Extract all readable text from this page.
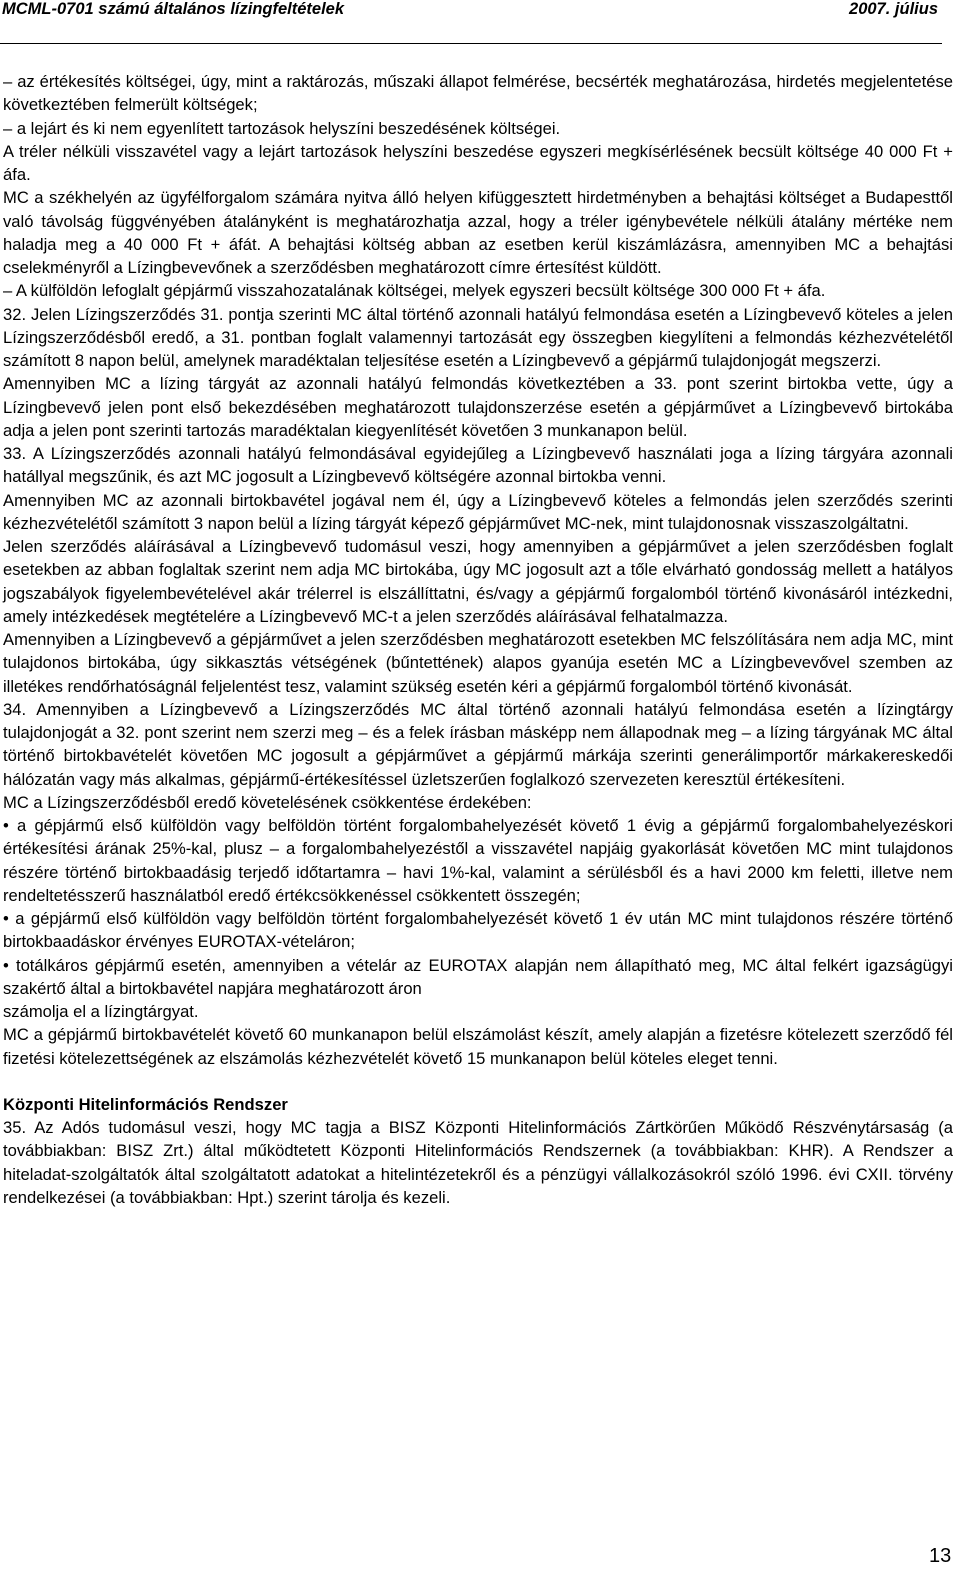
MCML-0701 számú általános lízingfeltételek	2007. július

– az értékesítés költségei, úgy, mint a raktározás, műszaki állapot felmérése, becsérték meghatározása, hirdetés megjelentetése következtében felmerült költségek;

– a lejárt és ki nem egyenlített tartozások helyszíni beszedésének költségei.

A tréler nélküli visszavétel vagy a lejárt tartozások helyszíni beszedése egyszeri megkísérlésének becsült költsége 40 000 Ft + áfa.

MC a székhelyén az ügyfélforgalom számára nyitva álló helyen kifüggesztett hirdetményben a behajtási költséget a Budapesttől való távolság függvényében átalányként is meghatározhatja azzal, hogy a tréler igénybevétele nélküli átalány mértéke nem haladja meg a 40 000 Ft + áfát. A behajtási költség abban az esetben kerül kiszámlázásra, amennyiben MC a behajtási cselekményről a Lízingbevevőnek a szerződésben meghatározott címre értesítést küldött.

– A külföldön lefoglalt gépjármű visszahozatalának költségei, melyek egyszeri becsült költsége 300 000 Ft + áfa.

32. Jelen Lízingszerződés 31. pontja szerinti MC által történő azonnali hatályú felmondása esetén a Lízingbevevő köteles a jelen Lízingszerződésből eredő, a 31. pontban foglalt valamennyi tartozását egy összegben kiegylíteni a felmondás kézhezvételétől számított 8 napon belül, amelynek maradéktalan teljesítése esetén a Lízingbevevő a gépjármű tulajdonjogát megszerzi.

Amennyiben MC a lízing tárgyát az azonnali hatályú felmondás következtében a 33. pont szerint birtokba vette, úgy a Lízingbevevő jelen pont első bekezdésében meghatározott tulajdonszerzése esetén a gépjárművet a Lízingbevevő birtokába adja a jelen pont szerinti tartozás maradéktalan kiegyenlítését követően 3 munkanapon belül.

33. A Lízingszerződés azonnali hatályú felmondásával egyidejűleg a Lízingbevevő használati joga a lízing tárgyára azonnali hatállyal megszűnik, és azt MC jogosult a Lízingbevevő költségére azonnal birtokba venni.

Amennyiben MC az azonnali birtokbavétel jogával nem él, úgy a Lízingbevevő köteles a felmondás jelen szerződés szerinti kézhezvételétől számított 3 napon belül a lízing tárgyát képező gépjárművet MC-nek, mint tulajdonosnak visszaszolgáltatni.

Jelen szerződés aláírásával a Lízingbevevő tudomásul veszi, hogy amennyiben a gépjárművet a jelen szerződésben foglalt esetekben az abban foglaltak szerint nem adja MC birtokába, úgy MC jogosult azt a tőle elvárható gondosság mellett a hatályos jogszabályok figyelembevételével akár trélerrel is elszállíttatni, és/vagy a gépjármű forgalomból történő kivonásáról intézkedni, amely intézkedések megtételére a Lízingbevevő MC-t a jelen szerződés aláírásával felhatalmazza.

Amennyiben a Lízingbevevő a gépjárművet a jelen szerződésben meghatározott esetekben MC felszólítására nem adja MC, mint tulajdonos birtokába, úgy sikkasztás vétségének (bűntettének) alapos gyanúja esetén MC a Lízingbevevővel szemben az illetékes rendőrhatóságnál feljelentést tesz, valamint szükség esetén kéri a gépjármű forgalomból történő kivonását.

34. Amennyiben a Lízingbevevő a Lízingszerződés MC által történő azonnali hatályú felmondása esetén a lízingtárgy tulajdonjogát a 32. pont szerint nem szerzi meg – és a felek írásban másképp nem állapodnak meg – a lízing tárgyának MC által történő birtokbavételét követően MC jogosult a gépjárművet a gépjármű márkája szerinti generálimportőr márkakereskedői hálózatán vagy más alkalmas, gépjármű-értékesítéssel üzletszerűen foglalkozó szervezeten keresztül értékesíteni.

MC a Lízingszerződésből eredő követelésének csökkentése érdekében:

• a gépjármű első külföldön vagy belföldön történt forgalombahelyezését követő 1 évig a gépjármű forgalombahelyezéskori értékesítési árának 25%-kal, plusz – a forgalombahelyezéstől a visszavétel napjáig gyakorlását követően MC mint tulajdonos részére történő birtokbaadásig terjedő időtartamra – havi 1%-kal, valamint a sérülésből és a havi 2000 km feletti, illetve nem rendeltetésszerű használatból eredő értékcsökkenéssel csökkentett összegén;

• a gépjármű első külföldön vagy belföldön történt forgalombahelyezését követő 1 év után MC mint tulajdonos részére történő birtokbaadáskor érvényes EUROTAX-vételáron;

• totálkáros gépjármű esetén, amennyiben a vételár az EUROTAX alapján nem állapítható meg, MC által felkért igazságügyi szakértő által a birtokbavétel napjára meghatározott áron

számolja el a lízingtárgyat.

MC a gépjármű birtokbavételét követő 60 munkanapon belül elszámolást készít, amely alapján a fizetésre kötelezett szerződő fél fizetési kötelezettségének az elszámolás kézhezvételét követő 15 munkanapon belül köteles eleget tenni.

Központi Hitelinformációs Rendszer

35. Az Adós tudomásul veszi, hogy MC tagja a BISZ Központi Hitelinformációs Zártkörűen Működő Részvénytársaság (a továbbiakban: BISZ Zrt.) által működtetett Központi Hitelinformációs Rendszernek (a továbbiakban: KHR). A Rendszer a hiteladat-szolgáltatók által szolgáltatott adatokat a hitelintézetekről és a pénzügyi vállalkozásokról szóló 1996. évi CXII. törvény rendelkezései (a továbbiakban: Hpt.) szerint tárolja és kezeli.

13
